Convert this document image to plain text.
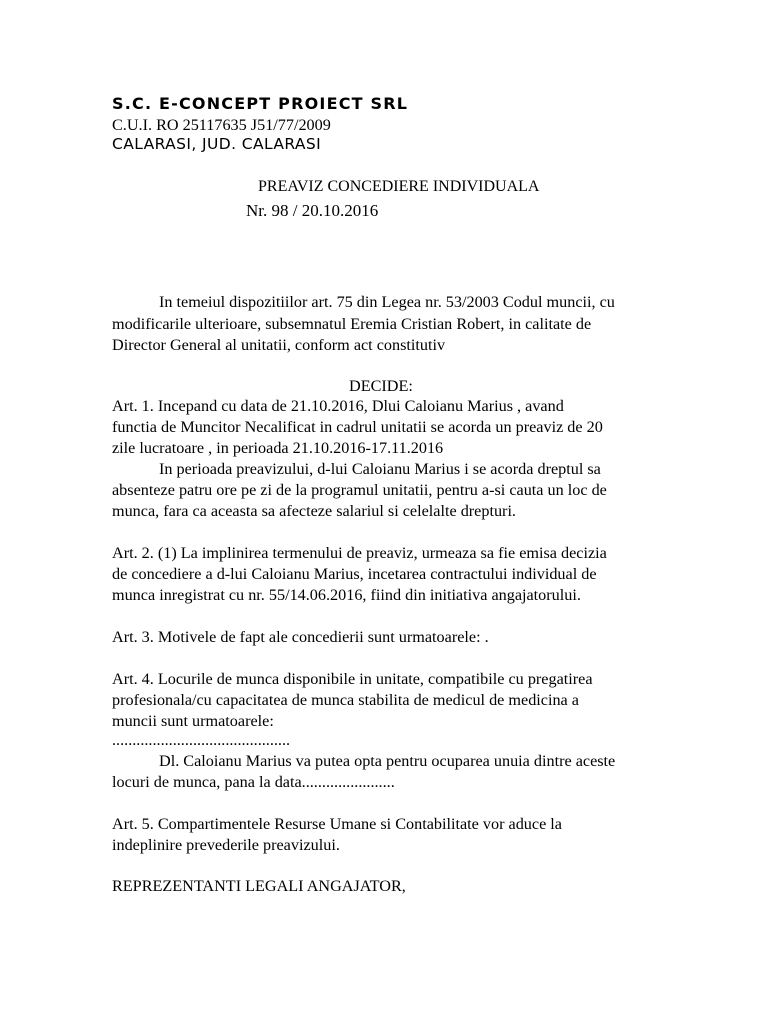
S.C. E-CONCEPT PROIECT SRL
C.U.I. RO 25117635 J51/77/2009
CALARASI, JUD. CALARASI
PREAVIZ CONCEDIERE INDIVIDUALA
Nr. 98 / 20.10.2016
In temeiul dispozitiilor art. 75 din Legea nr. 53/2003 Codul muncii, cu
modificarile ulterioare, subsemnatul Eremia Cristian Robert, in calitate de
Director General al unitatii, conform act constitutiv
DECIDE:
Art. 1. Incepand cu data de 21.10.2016, Dlui Caloianu Marius , avand
functia de Muncitor Necalificat in cadrul unitatii se acorda un preaviz de 20
zile lucratoare , in perioada 21.10.2016-17.11.2016
In perioada preavizului, d-lui Caloianu Marius i se acorda dreptul sa
absenteze patru ore pe zi de la programul unitatii, pentru a-si cauta un loc de
munca, fara ca aceasta sa afecteze salariul si celelalte drepturi.
Art. 2. (1) La implinirea termenului de preaviz, urmeaza sa fie emisa decizia
de concediere a d-lui Caloianu Marius, incetarea contractului individual de
munca inregistrat cu nr. 55/14.06.2016, fiind din initiativa angajatorului.
Art. 3. Motivele de fapt ale concedierii sunt urmatoarele: .
Art. 4. Locurile de munca disponibile in unitate, compatibile cu pregatirea
profesionala/cu capacitatea de munca stabilita de medicul de medicina a
muncii sunt urmatoarele:
............................................
Dl. Caloianu Marius va putea opta pentru ocuparea unuia dintre aceste
locuri de munca, pana la data.......................
Art. 5. Compartimentele Resurse Umane si Contabilitate vor aduce la
indeplinire prevederile preavizului.
REPREZENTANTI LEGALI ANGAJATOR,
